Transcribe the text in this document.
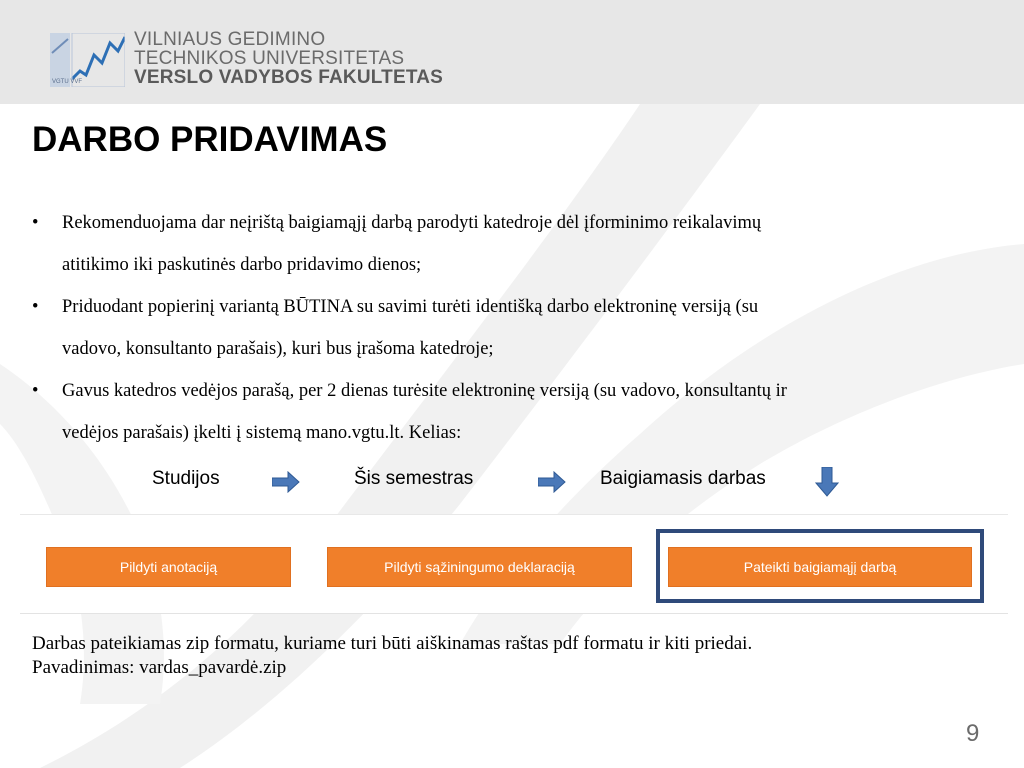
VGTU VVF
VILNIAUS GEDIMINO
TECHNIKOS UNIVERSITETAS
VERSLO VADYBOS FAKULTETAS
DARBO PRIDAVIMAS
• Rekomenduojama dar neįrištą baigiamąjį darbą parodyti katedroje dėl įforminimo reikalavimų
atitikimo iki paskutinės darbo pridavimo dienos;
• Priduodant popierinį variantą BŪTINA su savimi turėti identišką darbo elektroninę versiją (su
vadovo, konsultanto parašais), kuri bus įrašoma katedroje;
• Gavus katedros vedėjos parašą, per 2 dienas turėsite elektroninę versiją (su vadovo, konsultantų ir
vedėjos parašais) įkelti į sistemą mano.vgtu.lt. Kelias:
Studijos	Šis semestras	Baigiamasis darbas
Pildyti anotaciją	Pildyti sąžiningumo deklaraciją	Pateikti baigiamąjį darbą
Darbas pateikiamas zip formatu, kuriame turi būti aiškinamas raštas pdf formatu ir kiti priedai.
Pavadinimas: vardas_pavardė.zip
9
